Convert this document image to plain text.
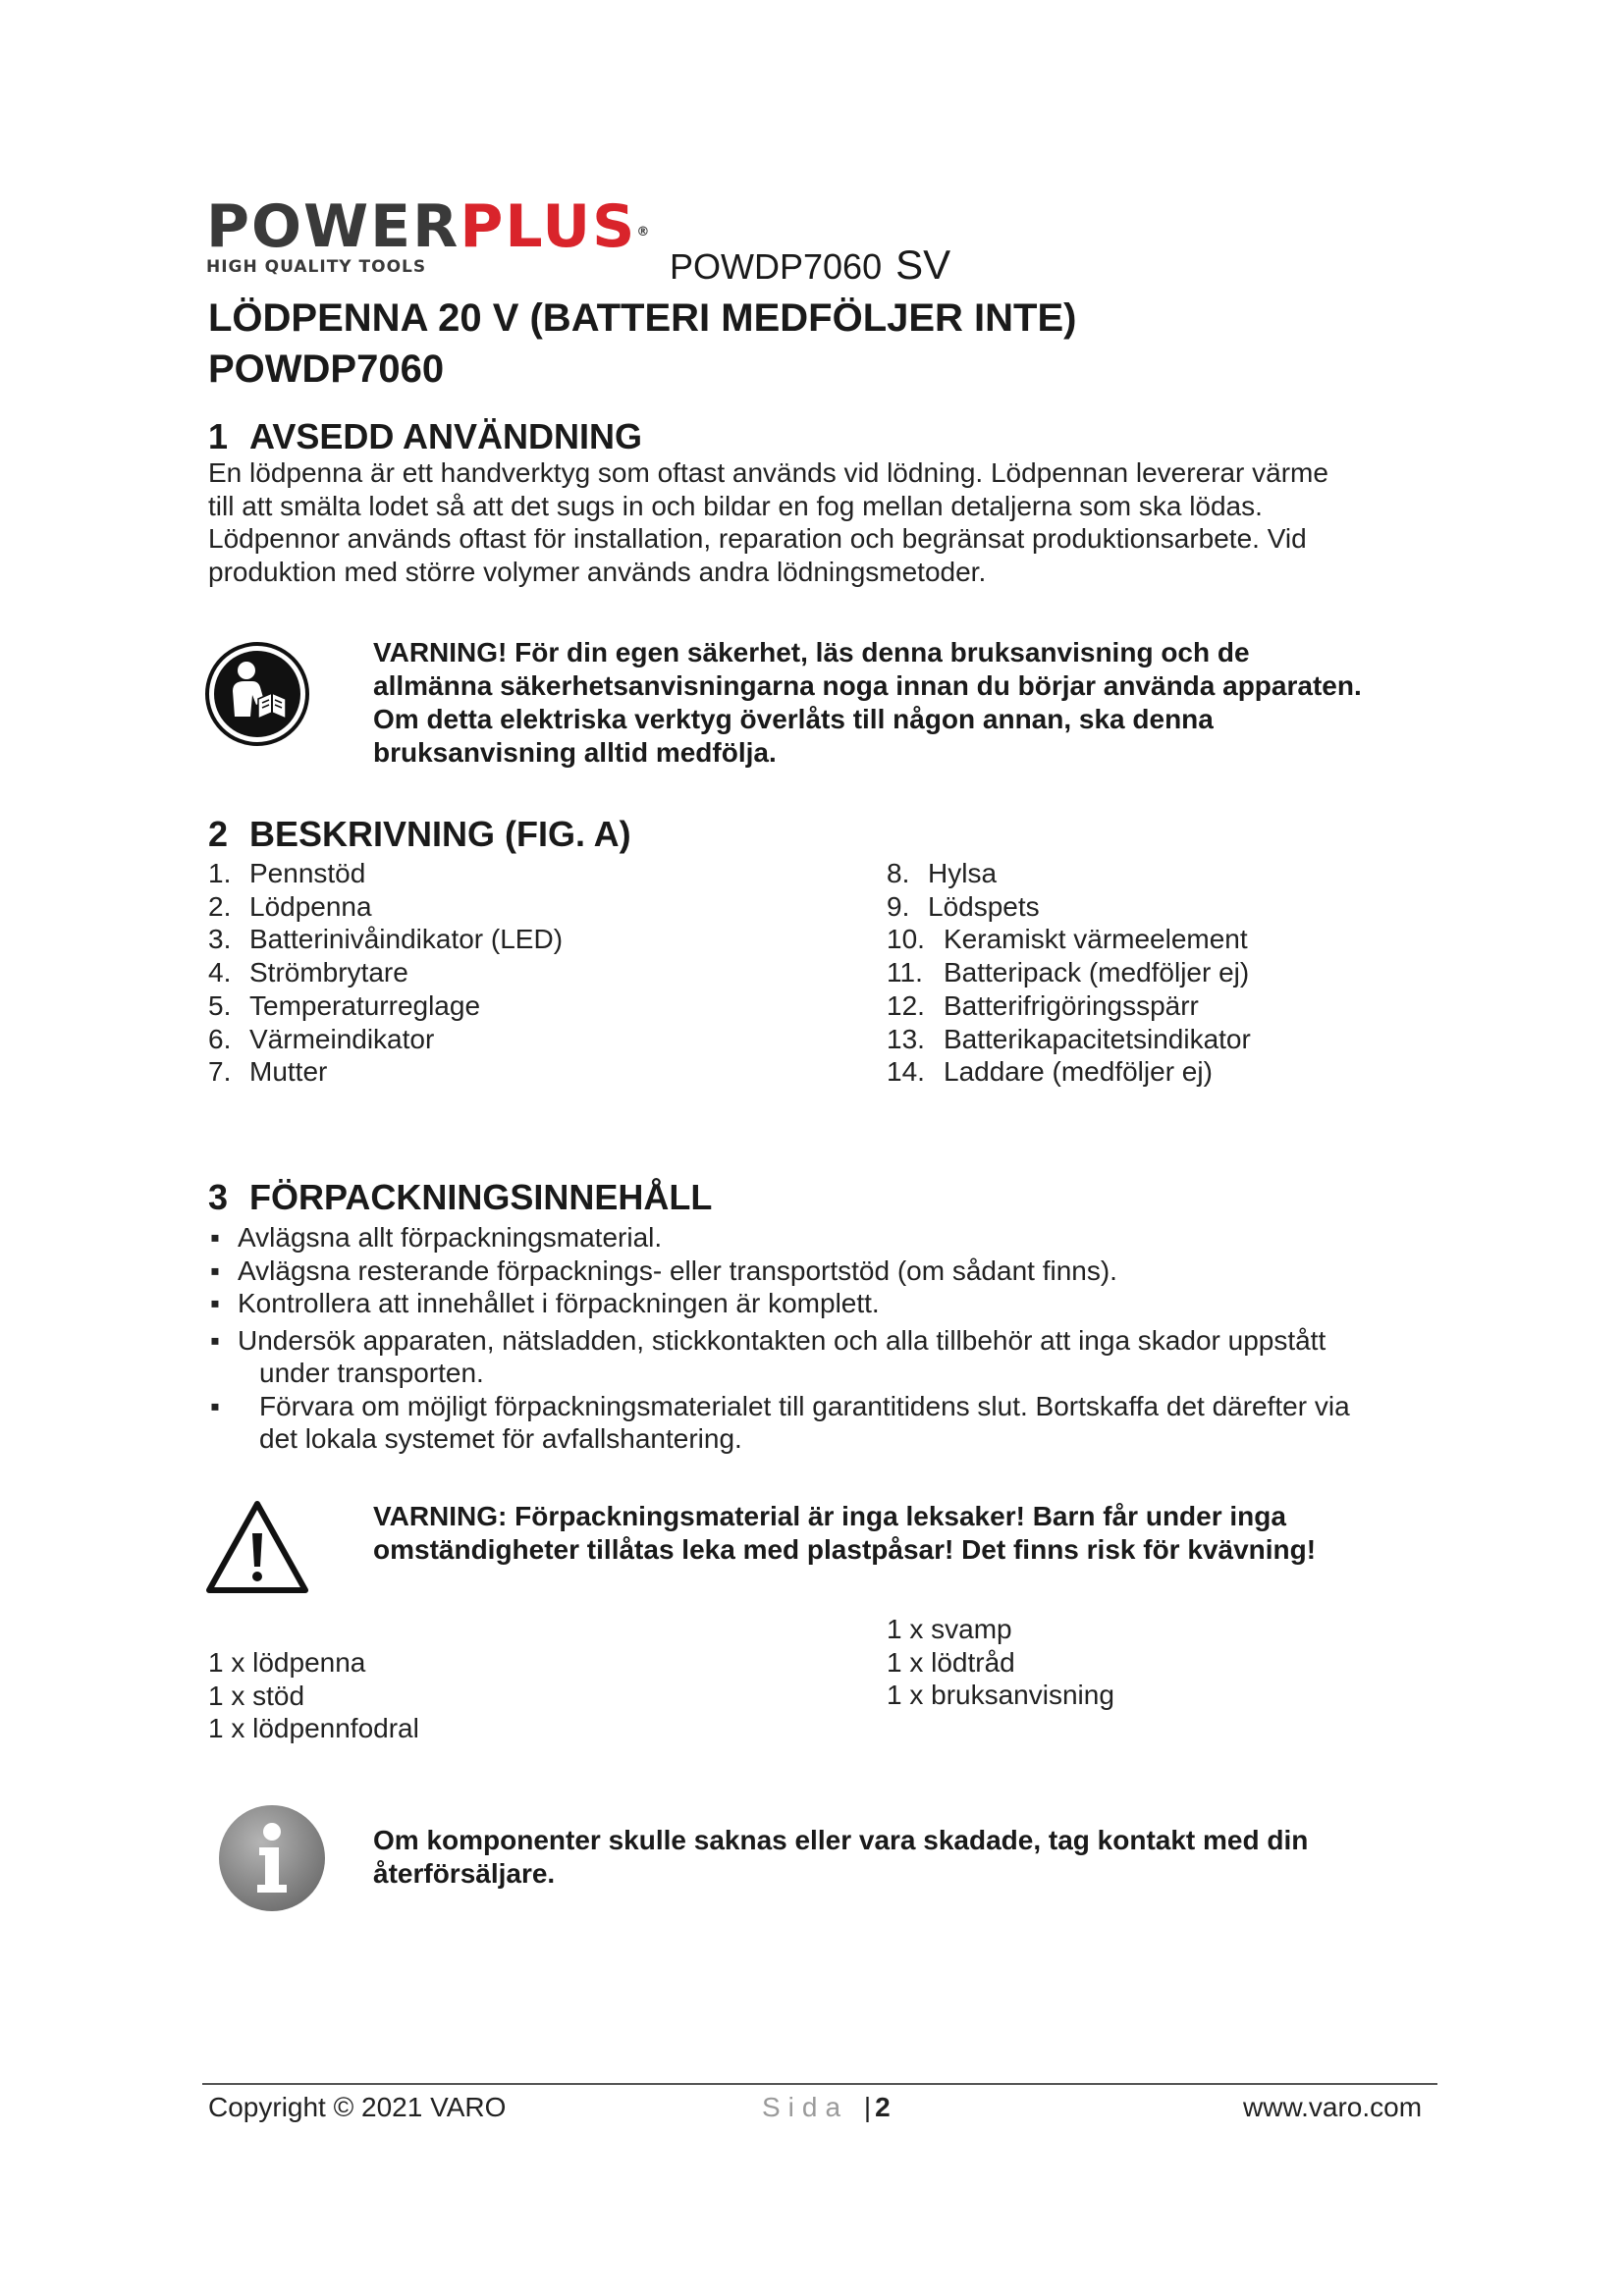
POWERPLUS®
HIGH QUALITY TOOLS	POWDP7060 SV
LÖDPENNA 20 V (BATTERI MEDFÖLJER INTE)
POWDP7060
1 AVSEDD ANVÄNDNING
En lödpenna är ett handverktyg som oftast används vid lödning. Lödpennan levererar värme
till att smälta lodet så att det sugs in och bildar en fog mellan detaljerna som ska lödas.
Lödpennor används oftast för installation, reparation och begränsat produktionsarbete. Vid
produktion med större volymer används andra lödningsmetoder.
VARNING! För din egen säkerhet, läs denna bruksanvisning och de
allmänna säkerhetsanvisningarna noga innan du börjar använda apparaten.
Om detta elektriska verktyg överlåts till någon annan, ska denna
bruksanvisning alltid medfölja.
2 BESKRIVNING (FIG. A)
1. Pennstöd
2. Lödpenna
3. Batterinivåindikator (LED)
4. Strömbrytare
5. Temperaturreglage
6. Värmeindikator
7. Mutter
8. Hylsa
9. Lödspets
10. Keramiskt värmeelement
11. Batteripack (medföljer ej)
12. Batterifrigöringsspärr
13. Batterikapacitetsindikator
14. Laddare (medföljer ej)
3 FÖRPACKNINGSINNEHÅLL
▪ Avlägsna allt förpackningsmaterial.
▪ Avlägsna resterande förpacknings- eller transportstöd (om sådant finns).
▪ Kontrollera att innehållet i förpackningen är komplett.
▪ Undersök apparaten, nätsladden, stickkontakten och alla tillbehör att inga skador uppstått
under transporten.
▪ Förvara om möjligt förpackningsmaterialet till garantitidens slut. Bortskaffa det därefter via
det lokala systemet för avfallshantering.
VARNING: Förpackningsmaterial är inga leksaker! Barn får under inga
omständigheter tillåtas leka med plastpåsar! Det finns risk för kvävning!
1 x lödpenna
1 x stöd
1 x lödpennfodral
1 x svamp
1 x lödtråd
1 x bruksanvisning
Om komponenter skulle saknas eller vara skadade, tag kontakt med din
återförsäljare.
Copyright © 2021 VARO	Sida | 2	www.varo.com
